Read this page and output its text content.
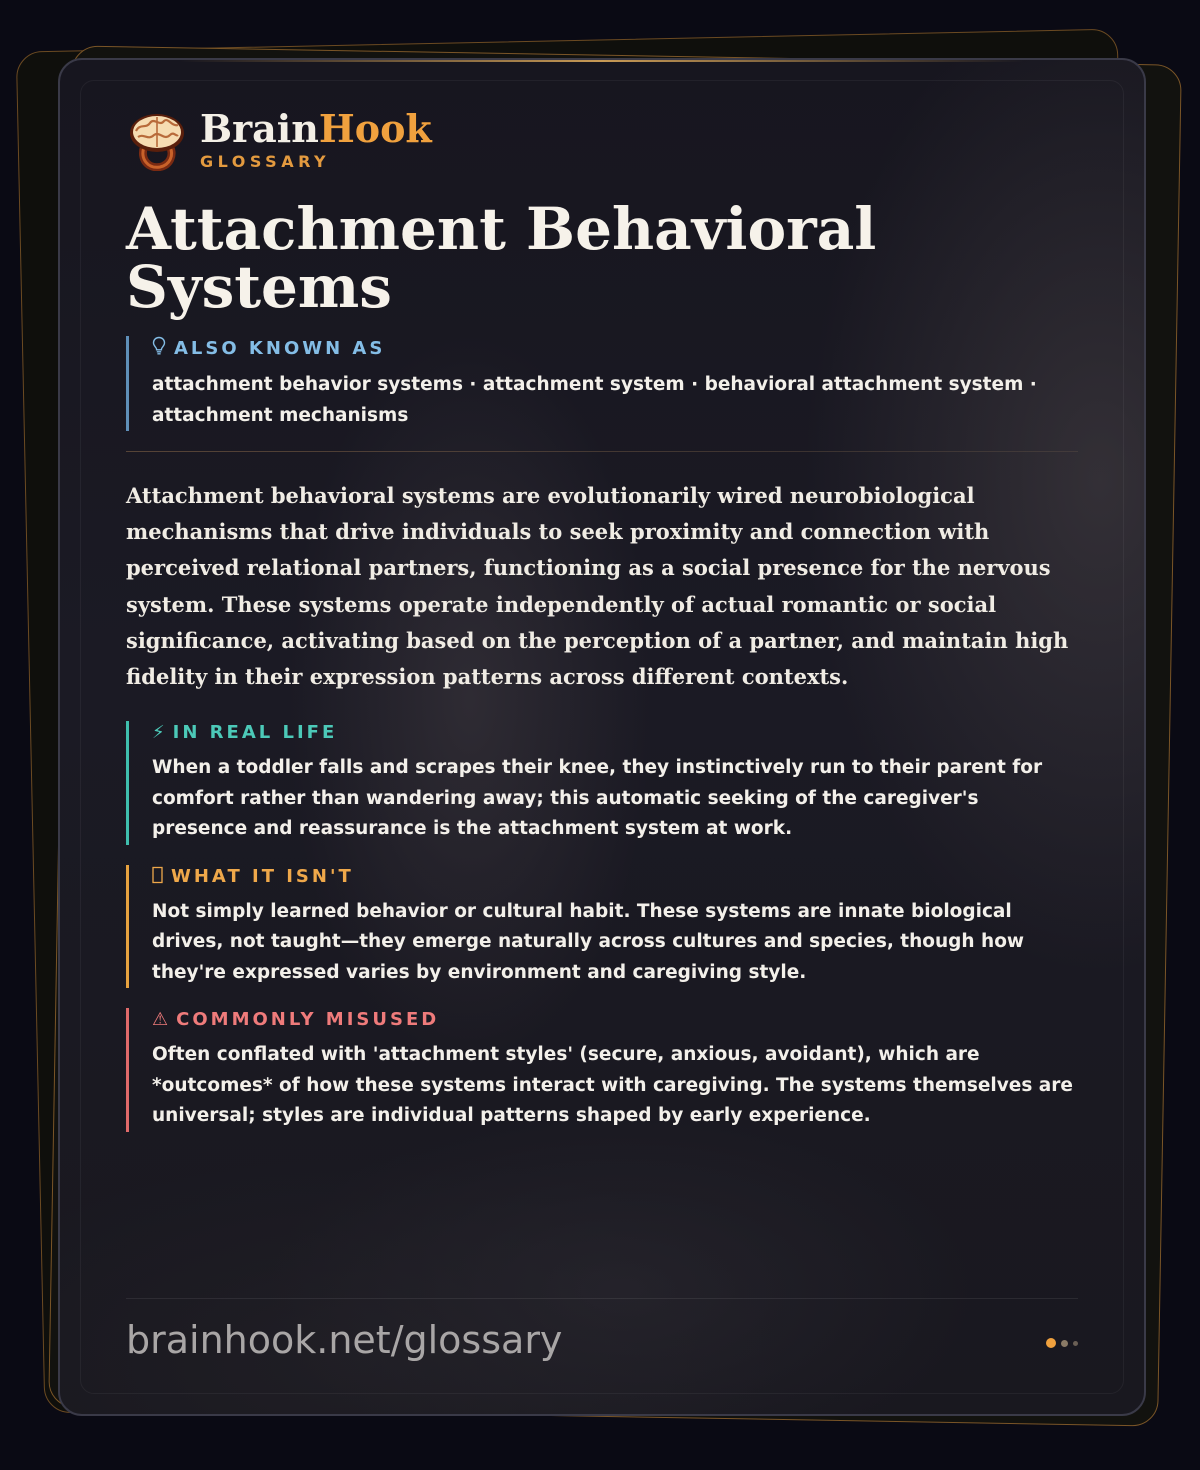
BrainHook
GLOSSARY
Attachment Behavioral Systems
ALSO KNOWN AS
attachment behavior systems · attachment system · behavioral attachment system · attachment mechanisms

Attachment behavioral systems are evolutionarily wired neurobiological mechanisms that drive individuals to seek proximity and connection with perceived relational partners, functioning as a social presence for the nervous system. These systems operate independently of actual romantic or social significance, activating based on the perception of a partner, and maintain high fidelity in their expression patterns across different contexts.

⚡ IN REAL LIFE
When a toddler falls and scrapes their knee, they instinctively run to their parent for comfort rather than wandering away; this automatic seeking of the caregiver's presence and reassurance is the attachment system at work.
WHAT IT ISN'T
Not simply learned behavior or cultural habit. These systems are innate biological drives, not taught—they emerge naturally across cultures and species, though how they're expressed varies by environment and caregiving style.
⚠ COMMONLY MISUSED
Often conflated with 'attachment styles' (secure, anxious, avoidant), which are *outcomes* of how these systems interact with caregiving. The systems themselves are universal; styles are individual patterns shaped by early experience.
brainhook.net/glossary
